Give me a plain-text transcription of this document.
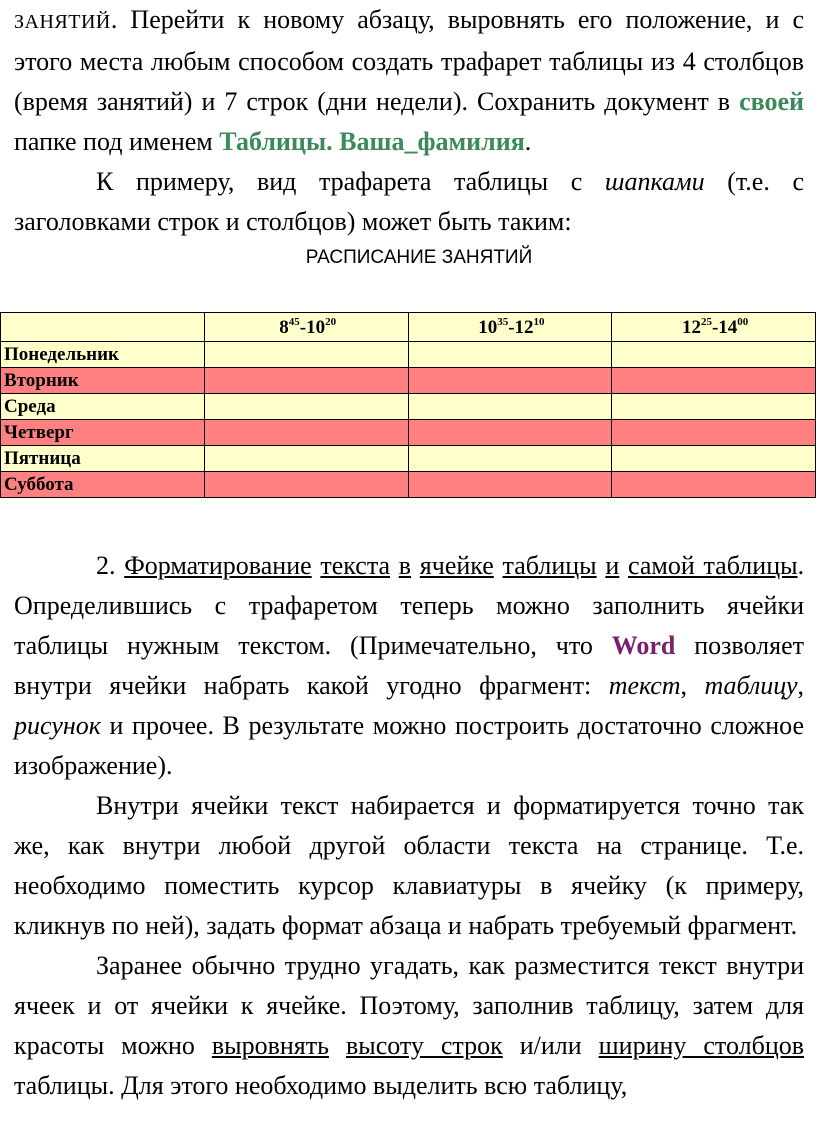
ЗАНЯТИЙ. Перейти к новому абзацу, выровнять его положение, и с этого места любым способом создать трафарет таблицы из 4 столбцов (время занятий) и 7 строк (дни недели). Сохранить документ в своей папке под именем Таблицы. Ваша_фамилия.

К примеру, вид трафарета таблицы с шапками (т.е. с заголовками строк и столбцов) может быть таким:

РАСПИСАНИЕ ЗАНЯТИЙ
	$8^{45}-10^{20}$	$10^{35}-12^{10}$	$12^{25}-14^{00}$
Понедельник			
Вторник			
Среда			
Четверг			
Пятница			
Суббота			

2. Форматирование текста в ячейке таблицы и самой таблицы. Определившись с трафаретом теперь можно заполнить ячейки таблицы нужным текстом. (Примечательно, что Word позволяет внутри ячейки набрать какой угодно фрагмент: текст, таблицу, рисунок и прочее. В результате можно построить достаточно сложное изображение).

Внутри ячейки текст набирается и форматируется точно так же, как внутри любой другой области текста на странице. Т.е. необходимо поместить курсор клавиатуры в ячейку (к примеру, кликнув по ней), задать формат абзаца и набрать требуемый фрагмент.

Заранее обычно трудно угадать, как разместится текст внутри ячеек и от ячейки к ячейке. Поэтому, заполнив таблицу, затем для красоты можно выровнять высоту строк и/или ширину столбцов таблицы. Для этого необходимо выделить всю таблицу,
